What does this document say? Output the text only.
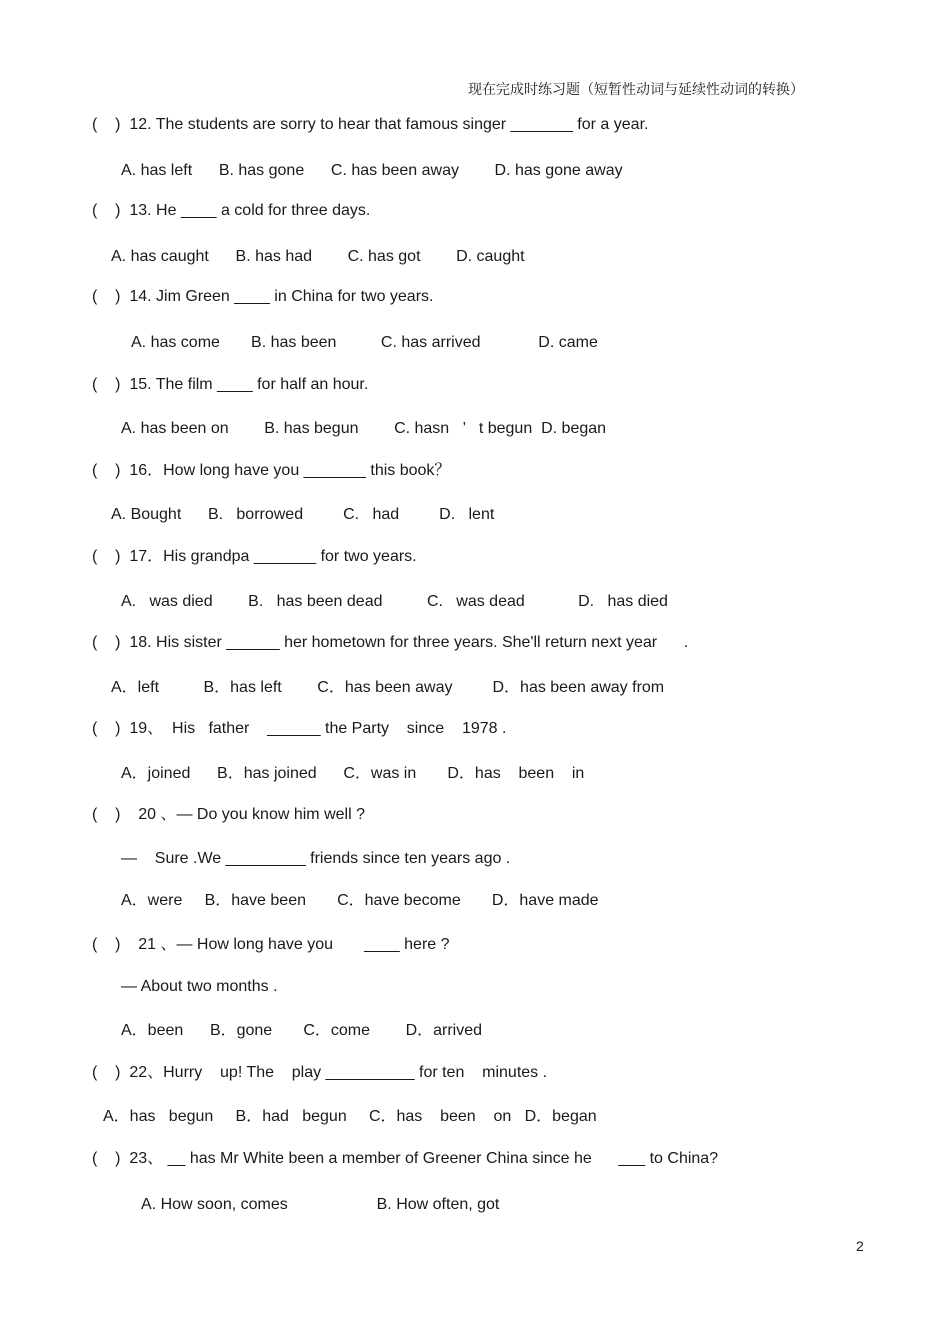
现在完成时练习题（短暂性动词与延续性动词的转换）
(    )  12. The students are sorry to hear that famous singer _______ for a year.
A. has left      B. has gone      C. has been away        D. has gone away
(    )  13. He ____ a cold for three days.
A. has caught      B. has had        C. has got        D. caught
(    )  14. Jim Green ____ in China for two years.
A. has come       B. has been          C. has arrived             D. came
(    )  15. The film ____ for half an hour.
A. has been on        B. has begun        C. hasn   ’   t begun  D. began
(    )  16．How long have you _______ this book？
A. Bought      B.   borrowed         C.   had         D.   lent
(    )  17．His grandpa _______ for two years.
A.   was died        B.   has been dead          C.   was dead            D.   has died
(    )  18. His sister ______ her hometown for three years. She'll return next year      .
A．left          B．has left        C．has been away         D．has been away from
(    )  19、  His   father    ______ the Party    since    1978 .
A．joined      B．has joined      C．was in       D．has    been    in
(    )    20 、— Do you know him well ?
—    Sure .We _________ friends since ten years ago .
A．were     B．have been       C．have become       D．have made
(    )    21 、— How long have you       ____ here ?
— About two months .
A．been      B．gone       C．come        D．arrived
(    )  22、Hurry    up! The    play __________ for ten    minutes .
A．has   begun     B．had   begun     C．has    been    on   D．began
(    )  23、 __ has Mr White been a member of Greener China since he      ___ to China?
A. How soon, comes                    B. How often, got
2
